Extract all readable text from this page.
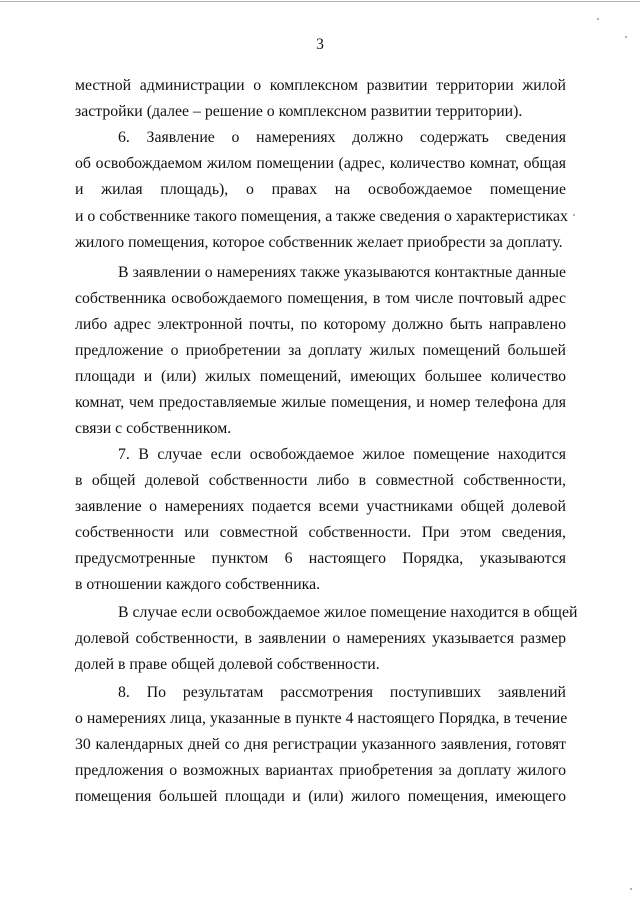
3
местной администрации о комплексном развитии территории жилой
застройки (далее – решение о комплексном развитии территории).
6. Заявление о намерениях должно содержать сведения
об освобождаемом жилом помещении (адрес, количество комнат, общая
и жилая площадь), о правах на освобождаемое помещение
и о собственнике такого помещения, а также сведения о характеристиках
жилого помещения, которое собственник желает приобрести за доплату.
В заявлении о намерениях также указываются контактные данные
собственника освобождаемого помещения, в том числе почтовый адрес
либо адрес электронной почты, по которому должно быть направлено
предложение о приобретении за доплату жилых помещений большей
площади и (или) жилых помещений, имеющих большее количество
комнат, чем предоставляемые жилые помещения, и номер телефона для
связи с собственником.
7. В случае если освобождаемое жилое помещение находится
в общей долевой собственности либо в совместной собственности,
заявление о намерениях подается всеми участниками общей долевой
собственности или совместной собственности. При этом сведения,
предусмотренные пунктом 6 настоящего Порядка, указываются
в отношении каждого собственника.
В случае если освобождаемое жилое помещение находится в общей
долевой собственности, в заявлении о намерениях указывается размер
долей в праве общей долевой собственности.
8. По результатам рассмотрения поступивших заявлений
о намерениях лица, указанные в пункте 4 настоящего Порядка, в течение
30 календарных дней со дня регистрации указанного заявления, готовят
предложения о возможных вариантах приобретения за доплату жилого
помещения большей площади и (или) жилого помещения, имеющего
